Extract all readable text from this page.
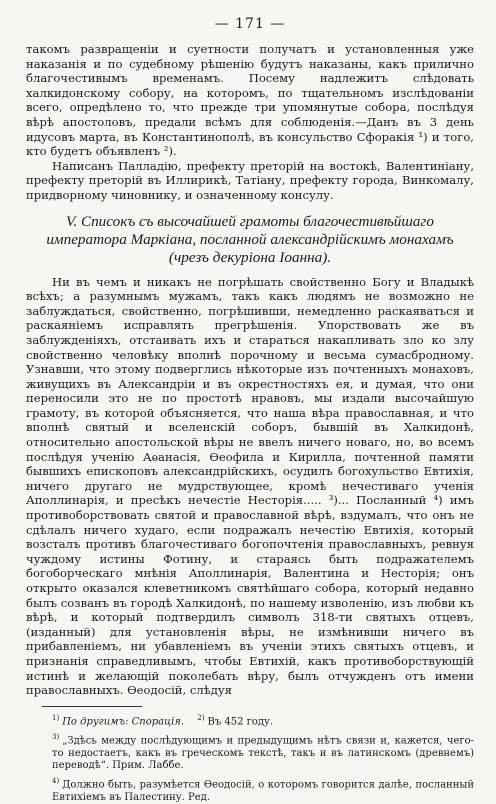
— 171 —

такомъ развращеніи и суетности получатъ и установленныя уже наказанія и по судебному рѣшенію будутъ наказаны, какъ прилично благочестивымъ временамъ. Посему надлежитъ слѣдовать халкидонскому собору, на которомъ, по тщательномъ изслѣдованіи всего, опредѣлено то, что прежде три упомянутые собора, послѣдуя вѣрѣ апостоловъ, предали всѣмъ для соблюденія.—Данъ въ 3 день идусовъ марта, въ Константинополѣ, въ консульство Сфоракія ¹) и того, кто будетъ объявленъ ²).

Написанъ Палладію, префекту преторій на востокѣ, Валентиніану, префекту преторій въ Иллирикѣ, Татіану, префекту города, Винкомалу, придворному чиновнику, и означенному консулу.

V. Списокъ съ высочайшей грамоты благочестивѣйшаго императора Маркіана, посланной александрійскимъ монахамъ (чрезъ декуріона Іоанна).

Ни въ чемъ и никакъ не погрѣшать свойственно Богу и Владыкѣ всѣхъ; а разумнымъ мужамъ, такъ какъ людямъ не возможно не заблуждаться, свойственно, погрѣшивши, немедленно раскаяваться и раскаяніемъ исправлять прегрѣшенія. Упорствовать же въ заблужденіяхъ, отстаивать ихъ и стараться накапливать зло ко злу свойственно человѣку вполнѣ порочному и весьма сумасбродному. Узнавши, что этому подверглись нѣкоторые изъ почтенныхъ монаховъ, живущихъ въ Александріи и въ окрестностяхъ ея, и думая, что они переносили это не по простотѣ нравовъ, мы издали высочайшую грамоту, въ которой объясняется, что наша вѣра православная, и что вполнѣ святый и вселенскій соборъ, бывшій въ Халкидонѣ, относительно апостольской вѣры не ввелъ ничего новаго, но, во всемъ послѣдуя ученію Аѳанасія, Ѳеофила и Кирилла, почтенной памяти бывшихъ епископовъ александрійскихъ, осудилъ богохульство Евтихія, ничего другаго не мудрствующее, кромѣ нечестиваго ученія Аполлинарія, и пресѣкъ нечестіе Несторія..... ³)... Посланный ⁴) имъ противоборствовать святой и православной вѣрѣ, вздумалъ, что онъ не сдѣлалъ ничего худаго, если подражалъ нечестію Евтихія, который возсталъ противъ благочестиваго богопочтенія православныхъ, ревнуя чуждому истины Фотину, и стараясь быть подражателемъ богоборческаго мнѣнія Аполлинарія, Валентина и Несторія; онъ открыто оказался клеветникомъ святѣйшаго собора, который недавно былъ созванъ въ городѣ Халкидонѣ, по нашему изволенію, изъ любви къ вѣрѣ, и который подтвердилъ символъ 318-ти святыхъ отцевъ, (изданный) для установленія вѣры, не измѣнивши ничего въ прибавленіемъ, ни убавленіемъ въ ученіи этихъ святыхъ отцевъ, и признанія справедливымъ, чтобы Евтихій, какъ противоборствующій истинѣ и желающій поколебать вѣру, былъ отчужденъ отъ имени православныхъ. Ѳеодосій, слѣдуя

$^{1)}$ По другимъ: Спорація. $^{2)}$ Въ 452 году.
$^{3)}$ „Здѣсь между послѣдующимъ и предыдущимъ нѣтъ связи и, кажется, чего-то недостаетъ, какъ въ греческомъ текстѣ, такъ и въ латинскомъ (древнемъ) переводѣ“. Прим. Лаббе.
$^{4)}$ Должно быть, разумѣется Ѳеодосій, о которомъ говорится далѣе, посланный Евтихіемъ въ Палестину. Ред.
